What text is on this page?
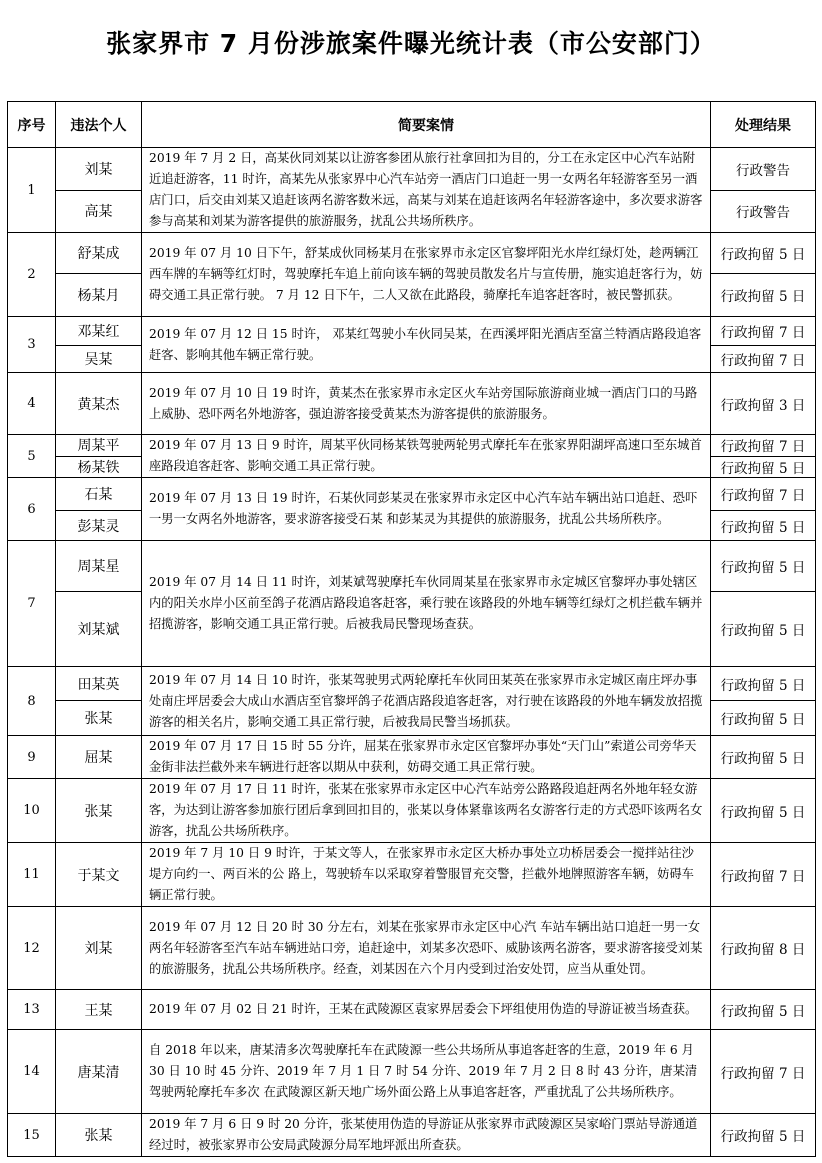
张家界市 7 月份涉旅案件曝光统计表（市公安部门）
序号	违法个人	简要案情	处理结果
1	刘某	2019 年 7 月 2 日，高某伙同刘某以让游客参团从旅行社拿回扣为目的，分工在永定区中心汽车站附近追赶游客，11 时许，高某先从张家界中心汽车站旁一酒店门口追赶一男一女两名年轻游客至另一酒店门口，后交由刘某又追赶该两名游客数米远，高某与刘某在追赶该两名年轻游客途中，多次要求游客参与高某和刘某为游客提供的旅游服务，扰乱公共场所秩序。	行政警告
	高某		行政警告
2	舒某成	2019 年 07 月 10 日下午，舒某成伙同杨某月在张家界市永定区官黎坪阳光水岸红绿灯处，趁两辆江西车牌的车辆等红灯时，驾驶摩托车追上前向该车辆的驾驶员散发名片与宣传册，施实追赶客行为，妨碍交通工具正常行驶。 7 月 12 日下午，二人又欲在此路段，骑摩托车追客赶客时，被民警抓获。	行政拘留 5 日
	杨某月		行政拘留 5 日
3	邓某红	2019 年 07 月 12 日 15 时许， 邓某红驾驶小车伙同吴某，在西溪坪阳光酒店至富兰特酒店路段追客赶客、影响其他车辆正常行驶。	行政拘留 7 日
	吴某		行政拘留 7 日
4	黄某杰	2019 年 07 月 10 日 19 时许，黄某杰在张家界市永定区火车站旁国际旅游商业城一酒店门口的马路上威胁、恐吓两名外地游客，强迫游客接受黄某杰为游客提供的旅游服务。	行政拘留 3 日
5	周某平	2019 年 07 月 13 日 9 时许，周某平伙同杨某铁驾驶两轮男式摩托车在张家界阳湖坪高速口至东城首座路段追客赶客、影响交通工具正常行驶。	行政拘留 7 日
	杨某铁		行政拘留 5 日
6	石某	2019 年 07 月 13 日 19 时许，石某伙同彭某灵在张家界市永定区中心汽车站车辆出站口追赶、恐吓一男一女两名外地游客，要求游客接受石某 和彭某灵为其提供的旅游服务，扰乱公共场所秩序。	行政拘留 7 日
	彭某灵		行政拘留 5 日
7	周某星	2019 年 07 月 14 日 11 时许，刘某斌驾驶摩托车伙同周某星在张家界市永定城区官黎坪办事处辖区内的阳关水岸小区前至鸽子花酒店路段追客赶客，乘行驶在该路段的外地车辆等红绿灯之机拦截车辆并招揽游客，影响交通工具正常行驶。后被我局民警现场查获。	行政拘留 5 日
	刘某斌		行政拘留 5 日
8	田某英	2019 年 07 月 14 日 10 时许，张某驾驶男式两轮摩托车伙同田某英在张家界市永定城区南庄坪办事处南庄坪居委会大成山水酒店至官黎坪鸽子花酒店路段追客赶客，对行驶在该路段的外地车辆发放招揽游客的相关名片，影响交通工具正常行驶，后被我局民警当场抓获。	行政拘留 5 日
	张某		行政拘留 5 日
9	屈某	2019 年 07 月 17 日 15 时 55 分许，屈某在张家界市永定区官黎坪办事处“天门山”索道公司旁华天金街非法拦截外来车辆进行赶客以期从中获利，妨碍交通工具正常行驶。	行政拘留 5 日
10	张某	2019 年 07 月 17 日 11 时许，张某在张家界市永定区中心汽车站旁公路路段追赶两名外地年轻女游客，为达到让游客参加旅行团后拿到回扣目的，张某以身体紧靠该两名女游客行走的方式恐吓该两名女游客，扰乱公共场所秩序。	行政拘留 5 日
11	于某文	2019 年 7 月 10 日 9 时许，于某文等人，在张家界市永定区大桥办事处立功桥居委会一搅拌站往沙堤方向约一、两百米的公 路上，驾驶轿车以采取穿着警服冒充交警，拦截外地牌照游客车辆，妨碍车辆正常行驶。	行政拘留 7 日
12	刘某	2019 年 07 月 12 日 20 时 30 分左右，刘某在张家界市永定区中心汽 车站车辆出站口追赶一男一女两名年轻游客至汽车站车辆进站口旁，追赶途中，刘某多次恐吓、威胁该两名游客，要求游客接受刘某的旅游服务，扰乱公共场所秩序。经查，刘某因在六个月内受到过治安处罚，应当从重处罚。	行政拘留 8 日
13	王某	2019 年 07 月 02 日 21 时许，王某在武陵源区袁家界居委会下坪组使用伪造的导游证被当场查获。	行政拘留 5 日
14	唐某清	自 2018 年以来，唐某清多次驾驶摩托车在武陵源一些公共场所从事追客赶客的生意，2019 年 6 月 30 日 10 时 45 分许、2019 年 7 月 1 日 7 时 54 分许、2019 年 7 月 2 日 8 时 43 分许，唐某清驾驶两轮摩托车多次 在武陵源区新天地广场外面公路上从事追客赶客，严重扰乱了公共场所秩序。	行政拘留 7 日
15	张某	2019 年 7 月 6 日 9 时 20 分许，张某使用伪造的导游证从张家界市武陵源区吴家峪门票站导游通道经过时，被张家界市公安局武陵源分局军地坪派出所查获。	行政拘留 5 日
